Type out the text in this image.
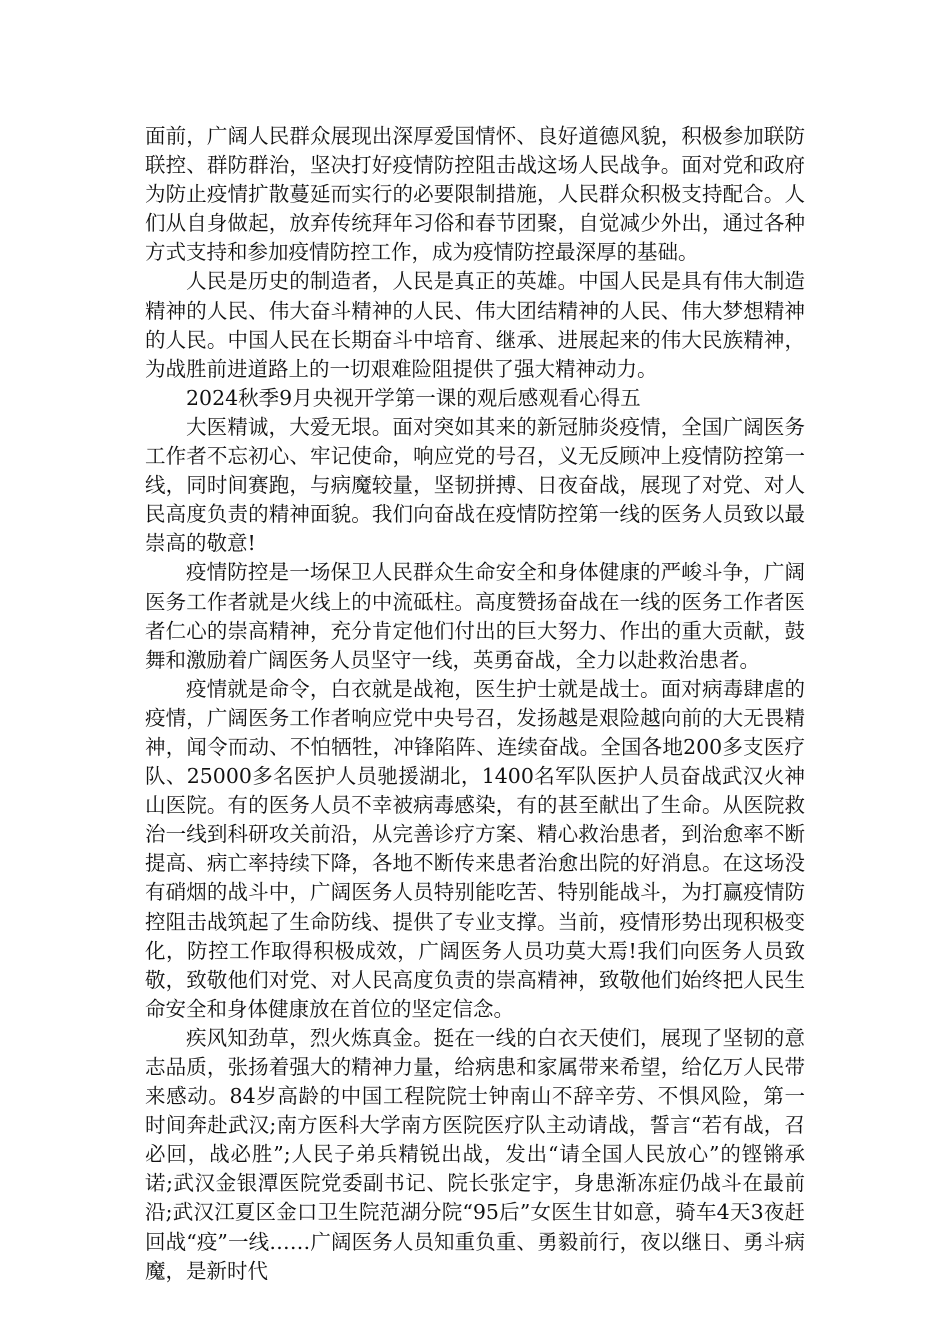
面前，广阔人民群众展现出深厚爱国情怀、良好道德风貌，积极参加联防联控、群防群治，坚决打好疫情防控阻击战这场人民战争。面对党和政府为防止疫情扩散蔓延而实行的必要限制措施，人民群众积极支持配合。人们从自身做起，放弃传统拜年习俗和春节团聚，自觉减少外出，通过各种方式支持和参加疫情防控工作，成为疫情防控最深厚的基础。

人民是历史的制造者，人民是真正的英雄。中国人民是具有伟大制造精神的人民、伟大奋斗精神的人民、伟大团结精神的人民、伟大梦想精神的人民。中国人民在长期奋斗中培育、继承、进展起来的伟大民族精神，为战胜前进道路上的一切艰难险阻提供了强大精神动力。

2024秋季9月央视开学第一课的观后感观看心得五

大医精诚，大爱无垠。面对突如其来的新冠肺炎疫情，全国广阔医务工作者不忘初心、牢记使命，响应党的号召，义无反顾冲上疫情防控第一线，同时间赛跑，与病魔较量，坚韧拼搏、日夜奋战，展现了对党、对人民高度负责的精神面貌。我们向奋战在疫情防控第一线的医务人员致以最崇高的敬意!

疫情防控是一场保卫人民群众生命安全和身体健康的严峻斗争，广阔医务工作者就是火线上的中流砥柱。高度赞扬奋战在一线的医务工作者医者仁心的崇高精神，充分肯定他们付出的巨大努力、作出的重大贡献，鼓舞和激励着广阔医务人员坚守一线，英勇奋战，全力以赴救治患者。

疫情就是命令，白衣就是战袍，医生护士就是战士。面对病毒肆虐的疫情，广阔医务工作者响应党中央号召，发扬越是艰险越向前的大无畏精神，闻令而动、不怕牺牲，冲锋陷阵、连续奋战。全国各地200多支医疗队、25000多名医护人员驰援湖北，1400名军队医护人员奋战武汉火神山医院。有的医务人员不幸被病毒感染，有的甚至献出了生命。从医院救治一线到科研攻关前沿，从完善诊疗方案、精心救治患者，到治愈率不断提高、病亡率持续下降，各地不断传来患者治愈出院的好消息。在这场没有硝烟的战斗中，广阔医务人员特别能吃苦、特别能战斗，为打赢疫情防控阻击战筑起了生命防线、提供了专业支撑。当前，疫情形势出现积极变化，防控工作取得积极成效，广阔医务人员功莫大焉!我们向医务人员致敬，致敬他们对党、对人民高度负责的崇高精神，致敬他们始终把人民生命安全和身体健康放在首位的坚定信念。

疾风知劲草，烈火炼真金。挺在一线的白衣天使们，展现了坚韧的意志品质，张扬着强大的精神力量，给病患和家属带来希望，给亿万人民带来感动。84岁高龄的中国工程院院士钟南山不辞辛劳、不惧风险，第一时间奔赴武汉;南方医科大学南方医院医疗队主动请战，誓言“若有战，召必回，战必胜”;人民子弟兵精锐出战，发出“请全国人民放心”的铿锵承诺;武汉金银潭医院党委副书记、院长张定宇，身患渐冻症仍战斗在最前沿;武汉江夏区金口卫生院范湖分院“95后”女医生甘如意，骑车4天3夜赶回战“疫”一线……广阔医务人员知重负重、勇毅前行，夜以继日、勇斗病魔，是新时代
